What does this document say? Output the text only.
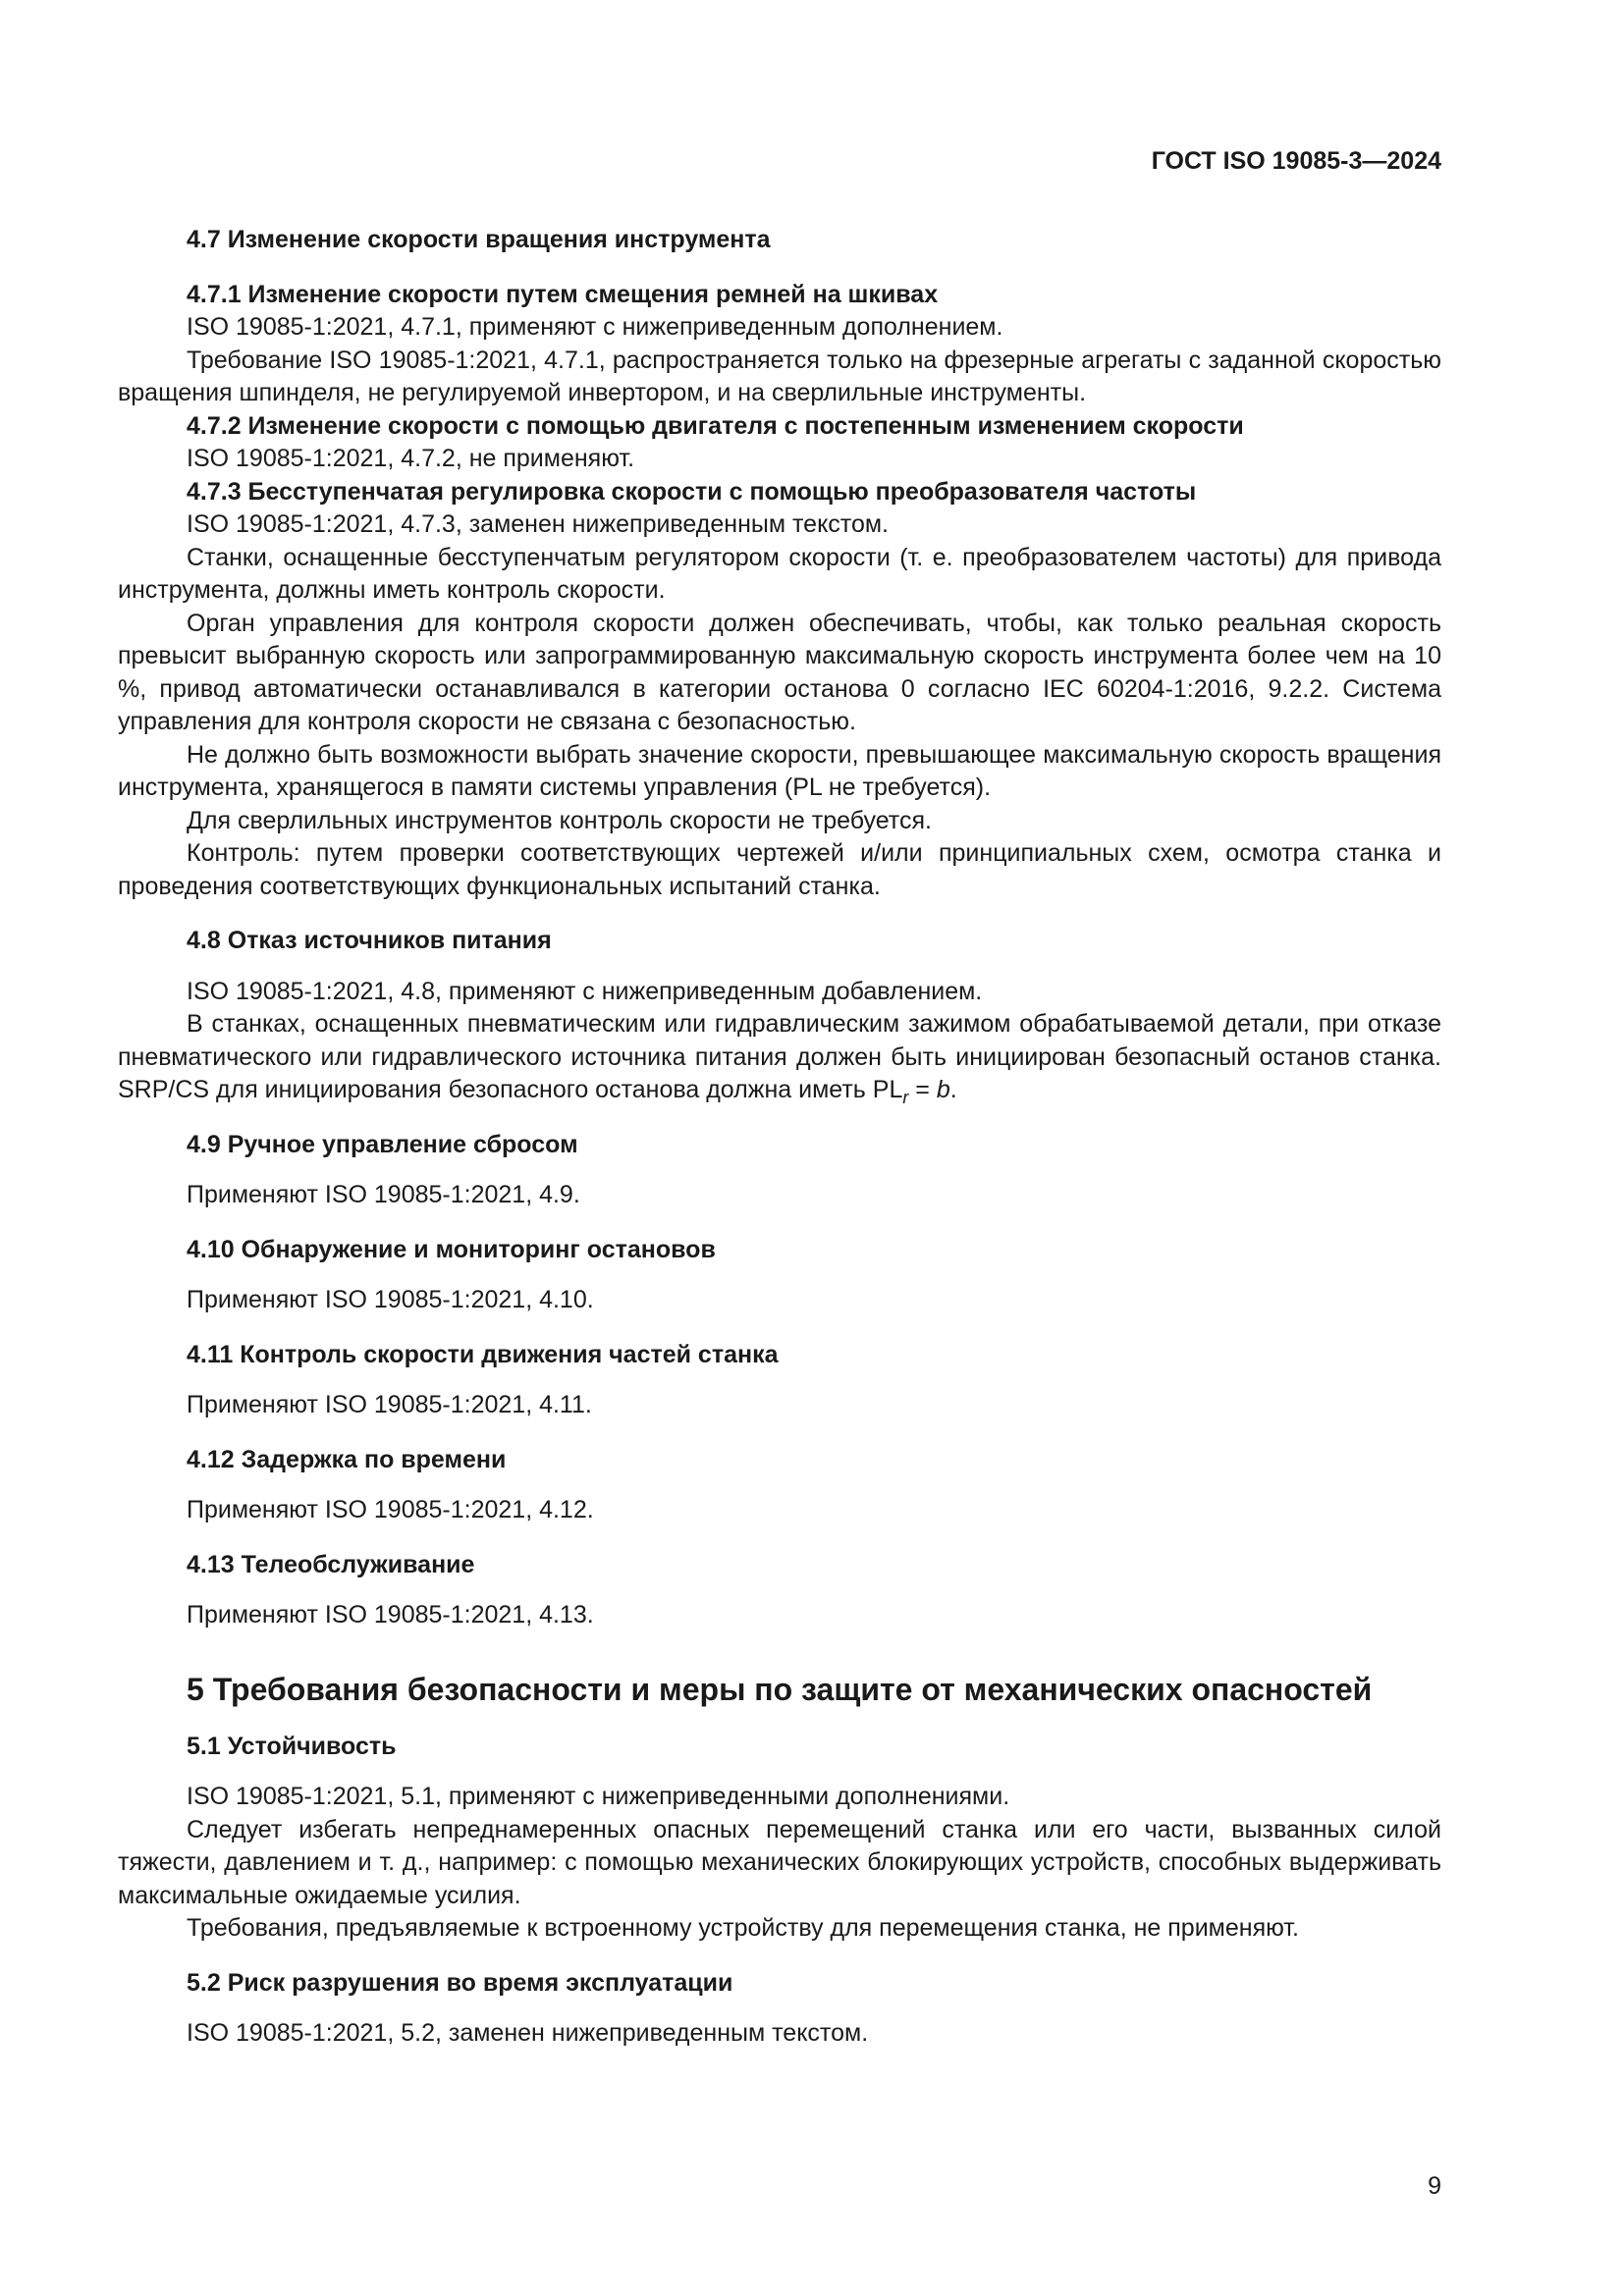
ГОСТ ISO 19085-3—2024
4.7 Изменение скорости вращения инструмента
4.7.1 Изменение скорости путем смещения ремней на шкивах

ISO 19085-1:2021, 4.7.1, применяют с нижеприведенным дополнением.

Требование ISO 19085-1:2021, 4.7.1, распространяется только на фрезерные агрегаты с заданной скоростью вращения шпинделя, не регулируемой инвертором, и на сверлильные инструменты.

4.7.2 Изменение скорости с помощью двигателя с постепенным изменением скорости

ISO 19085-1:2021, 4.7.2, не применяют.

4.7.3 Бесступенчатая регулировка скорости с помощью преобразователя частоты

ISO 19085-1:2021, 4.7.3, заменен нижеприведенным текстом.

Станки, оснащенные бесступенчатым регулятором скорости (т. е. преобразователем частоты) для привода инструмента, должны иметь контроль скорости.

Орган управления для контроля скорости должен обеспечивать, чтобы, как только реальная скорость превысит выбранную скорость или запрограммированную максимальную скорость инструмента более чем на 10 %, привод автоматически останавливался в категории останова 0 согласно IEC 60204-1:2016, 9.2.2. Система управления для контроля скорости не связана с безопасностью.

Не должно быть возможности выбрать значение скорости, превышающее максимальную скорость вращения инструмента, хранящегося в памяти системы управления (PL не требуется).

Для сверлильных инструментов контроль скорости не требуется.

Контроль: путем проверки соответствующих чертежей и/или принципиальных схем, осмотра станка и проведения соответствующих функциональных испытаний станка.

4.8 Отказ источников питания

ISO 19085-1:2021, 4.8, применяют с нижеприведенным добавлением.

В станках, оснащенных пневматическим или гидравлическим зажимом обрабатываемой детали, при отказе пневматического или гидравлического источника питания должен быть инициирован безопасный останов станка. SRP/CS для инициирования безопасного останова должна иметь $PL_r = b$.

4.9 Ручное управление сбросом

Применяют ISO 19085-1:2021, 4.9.

4.10 Обнаружение и мониторинг остановов

Применяют ISO 19085-1:2021, 4.10.

4.11 Контроль скорости движения частей станка

Применяют ISO 19085-1:2021, 4.11.

4.12 Задержка по времени

Применяют ISO 19085-1:2021, 4.12.

4.13 Телеобслуживание

Применяют ISO 19085-1:2021, 4.13.

5 Требования безопасности и меры по защите от механических опасностей
5.1 Устойчивость

ISO 19085-1:2021, 5.1, применяют с нижеприведенными дополнениями.

Следует избегать непреднамеренных опасных перемещений станка или его части, вызванных силой тяжести, давлением и т. д., например: с помощью механических блокирующих устройств, способных выдерживать максимальные ожидаемые усилия.

Требования, предъявляемые к встроенному устройству для перемещения станка, не применяют.

5.2 Риск разрушения во время эксплуатации

ISO 19085-1:2021, 5.2, заменен нижеприведенным текстом.

9
